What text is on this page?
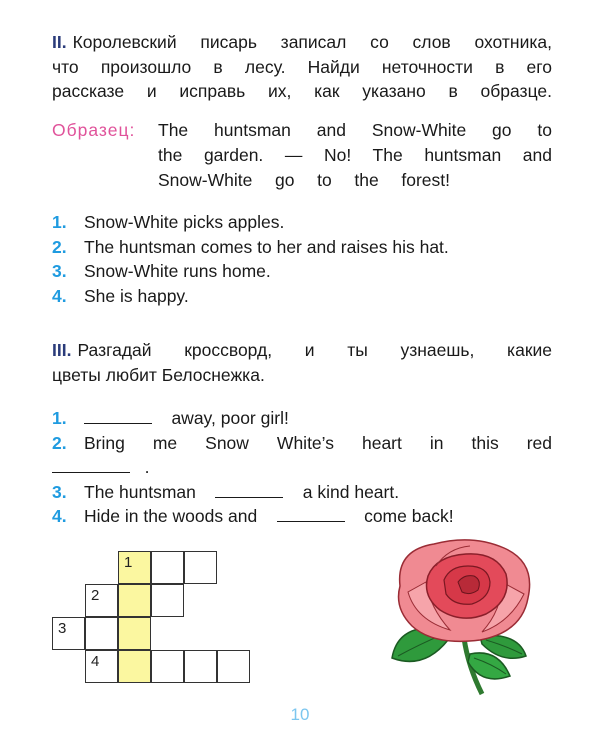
II. Королевский писарь записал со слов охотника,
что произошло в лесу. Найди неточности в его
рассказе и исправь их, как указано в образце.
Образец: The huntsman and Snow-White go to
the garden. — No! The huntsman and
Snow-White go to the forest!
1. Snow-White picks apples.
2. The huntsman comes to her and raises his hat.
3. Snow-White runs home.
4. She is happy.
III. Разгадай кроссворд, и ты узнаешь, какие
цветы любит Белоснежка.
1.	away, poor girl!
2. Bring me Snow White’s heart in this red
.
3. The huntsman	a kind heart.
4. Hide in the woods and	come back!
1
2
3
4
10
